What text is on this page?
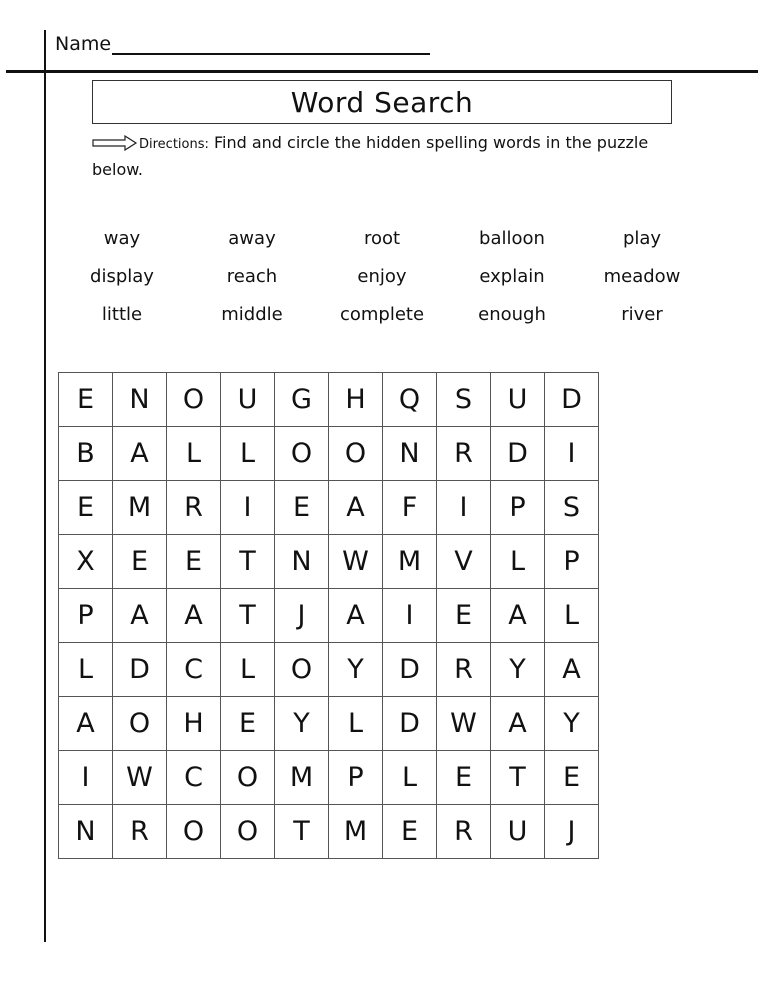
Name
Word Search
Directions: Find and circle the hidden spelling words in the puzzle below.
way	away	root	balloon	play
display	reach	enjoy	explain	meadow
little	middle	complete	enough	river
E	N	O	U	G	H	Q	S	U	D
B	A	L	L	O	O	N	R	D	I
E	M	R	I	E	A	F	I	P	S
X	E	E	T	N	W	M	V	L	P
P	A	A	T	J	A	I	E	A	L
L	D	C	L	O	Y	D	R	Y	A
A	O	H	E	Y	L	D	W	A	Y
I	W	C	O	M	P	L	E	T	E
N	R	O	O	T	M	E	R	U	J
